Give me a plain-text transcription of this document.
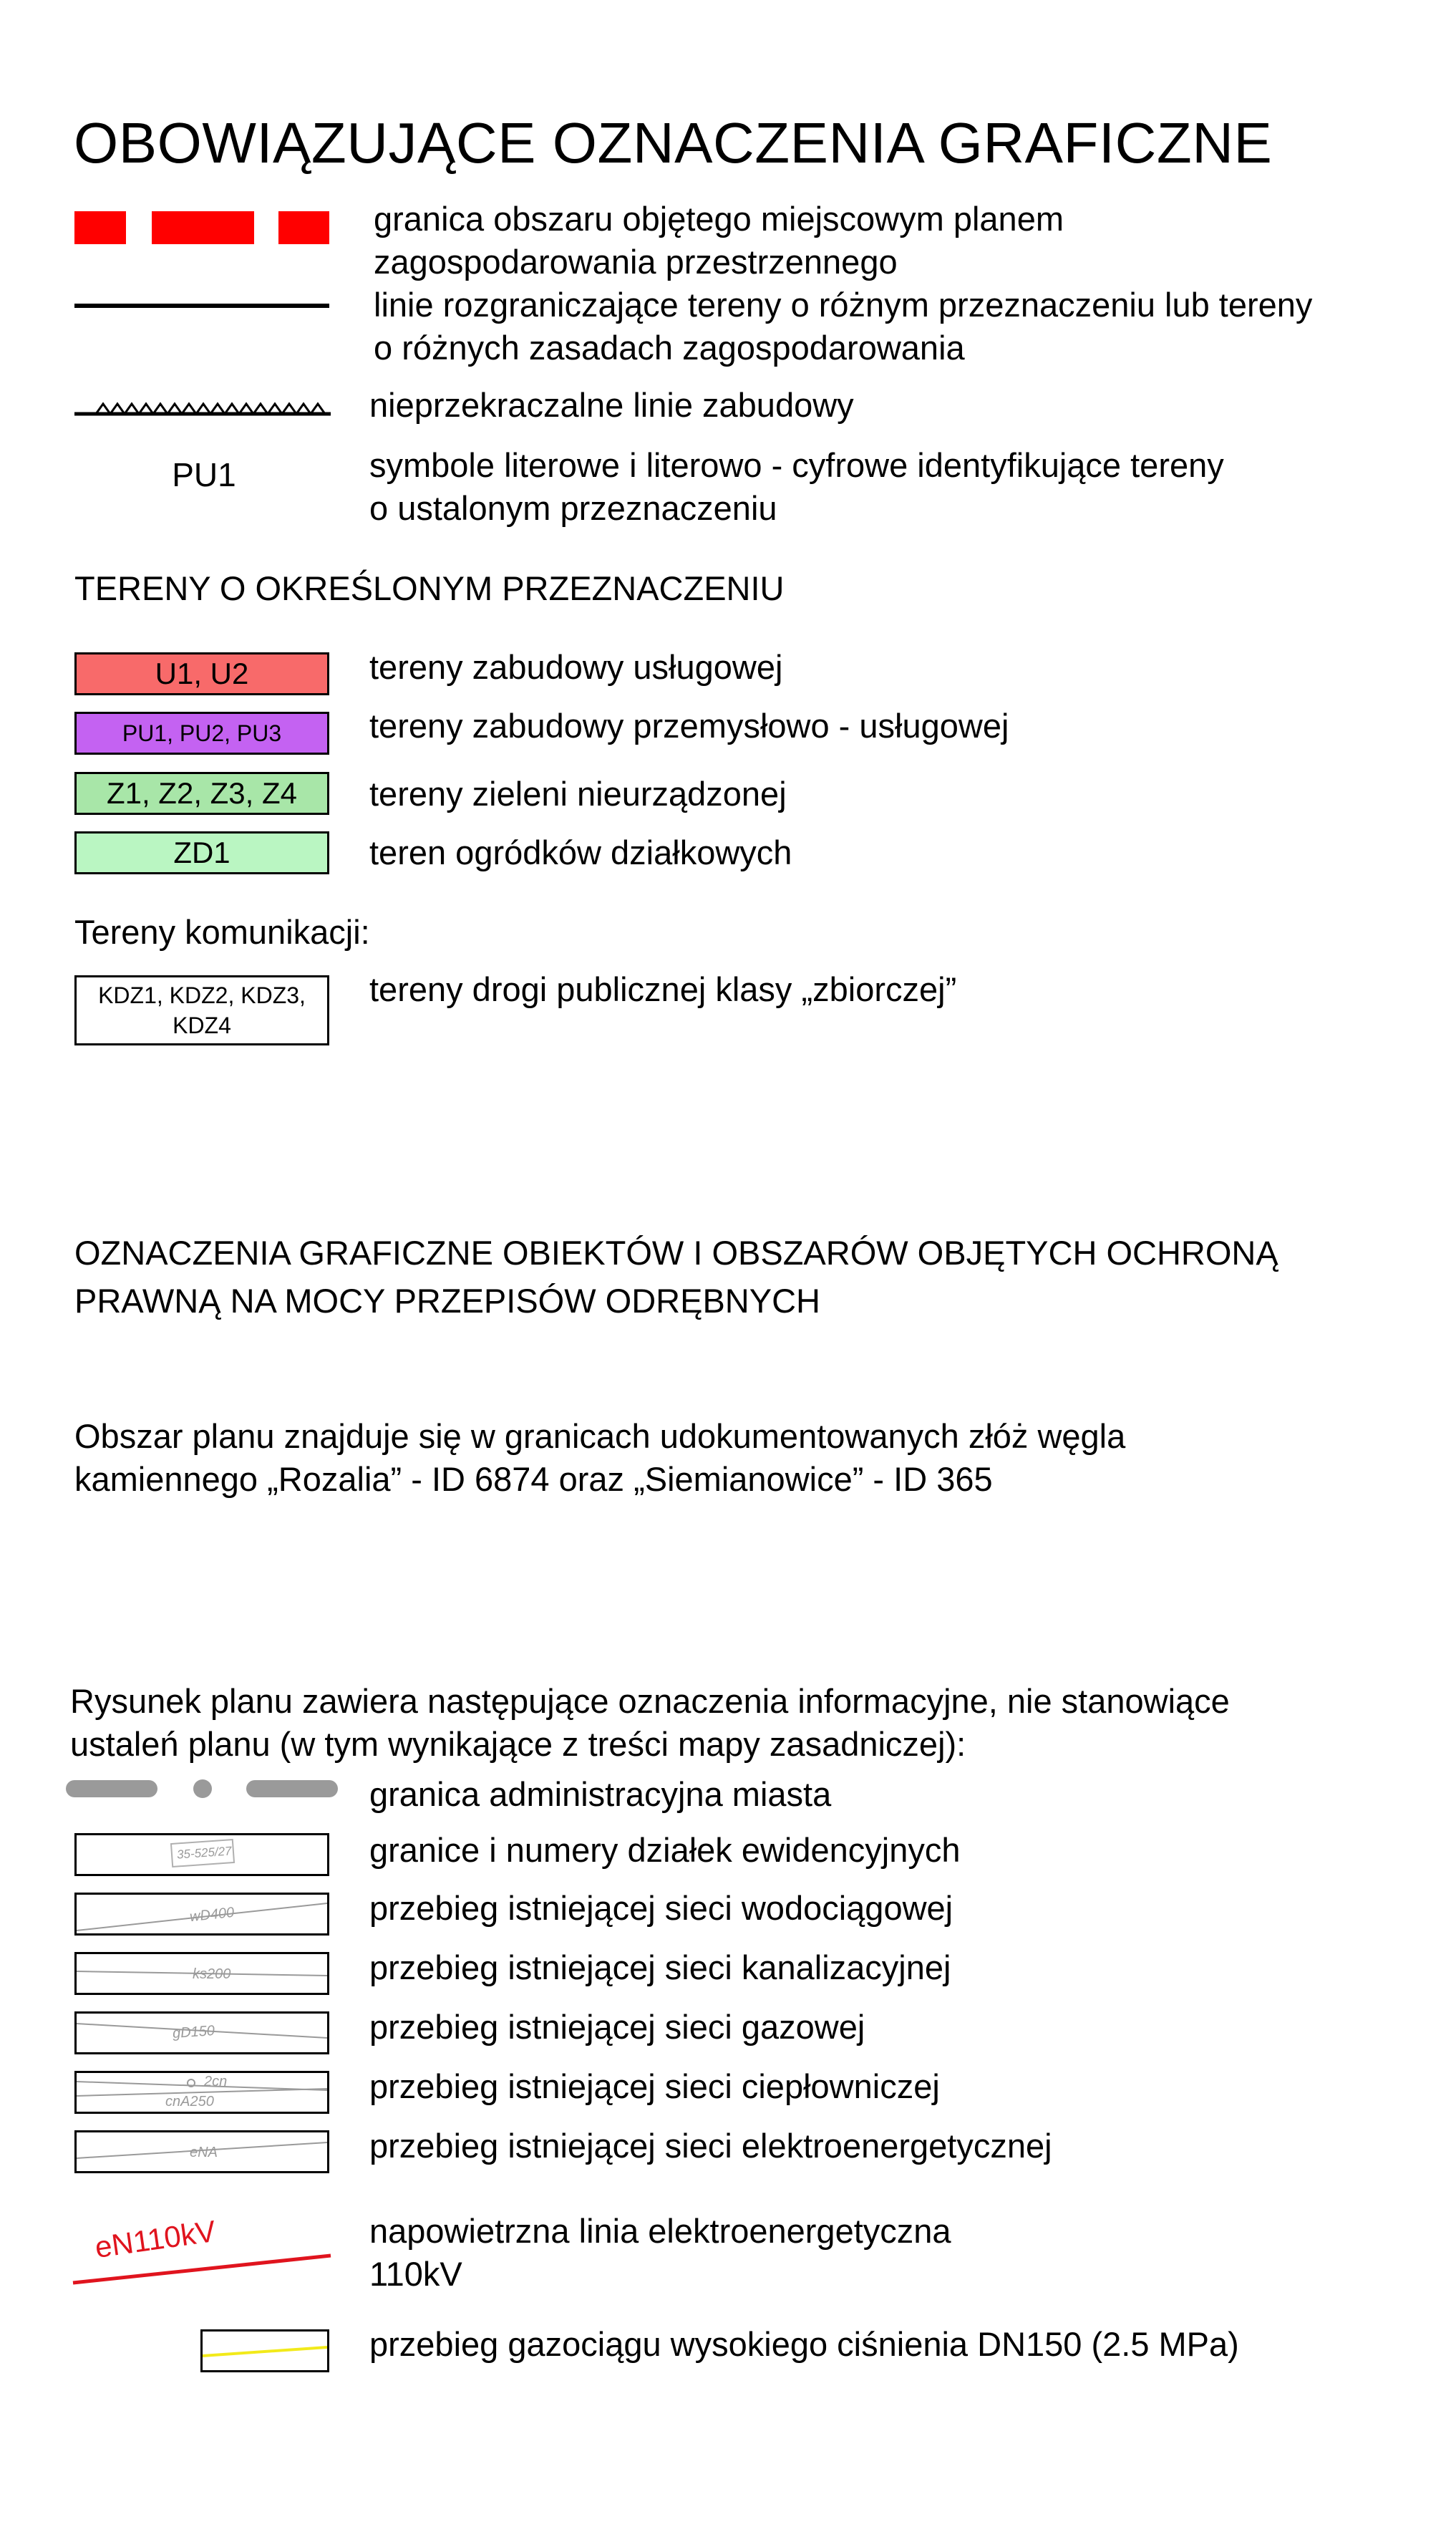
OBOWIĄZUJĄCE OZNACZENIA GRAFICZNE
granica obszaru objętego miejscowym planem
zagospodarowania przestrzennego
linie rozgraniczające tereny o różnym przeznaczeniu lub tereny
o różnych zasadach zagospodarowania
nieprzekraczalne linie zabudowy
PU1	symbole literowe i literowo - cyfrowe identyfikujące tereny
o ustalonym przeznaczeniu
TERENY O OKREŚLONYM PRZEZNACZENIU
U1, U2	tereny zabudowy usługowej
PU1, PU2, PU3	tereny zabudowy przemysłowo - usługowej
Z1, Z2, Z3, Z4 tereny zieleni nieurządzonej
ZD1	teren ogródków działkowych
Tereny komunikacji:
KDZ1, KDZ2, KDZ3,
KDZ4
tereny drogi publicznej klasy „zbiorczej”
OZNACZENIA GRAFICZNE OBIEKTÓW I OBSZARÓW OBJĘTYCH OCHRONĄ
PRAWNĄ NA MOCY PRZEPISÓW ODRĘBNYCH
Obszar planu znajduje się w granicach udokumentowanych złóż węgla
kamiennego „Rozalia” - ID 6874 oraz „Siemianowice” - ID 365
Rysunek planu zawiera następujące oznaczenia informacyjne, nie stanowiące
ustaleń planu (w tym wynikające z treści mapy zasadniczej):
granica administracyjna miasta
35-525/27	granice i numery działek ewidencyjnych
wD400	przebieg istniejącej sieci wodociągowej
ks200	przebieg istniejącej sieci kanalizacyjnej
gD150	przebieg istniejącej sieci gazowej
2cn
cnA250	przebieg istniejącej sieci ciepłowniczej
eNA	przebieg istniejącej sieci elektroenergetycznej
eN110kV	napowietrzna linia elektroenergetyczna
110kV
przebieg gazociągu wysokiego ciśnienia DN150 (2.5 MPa)
